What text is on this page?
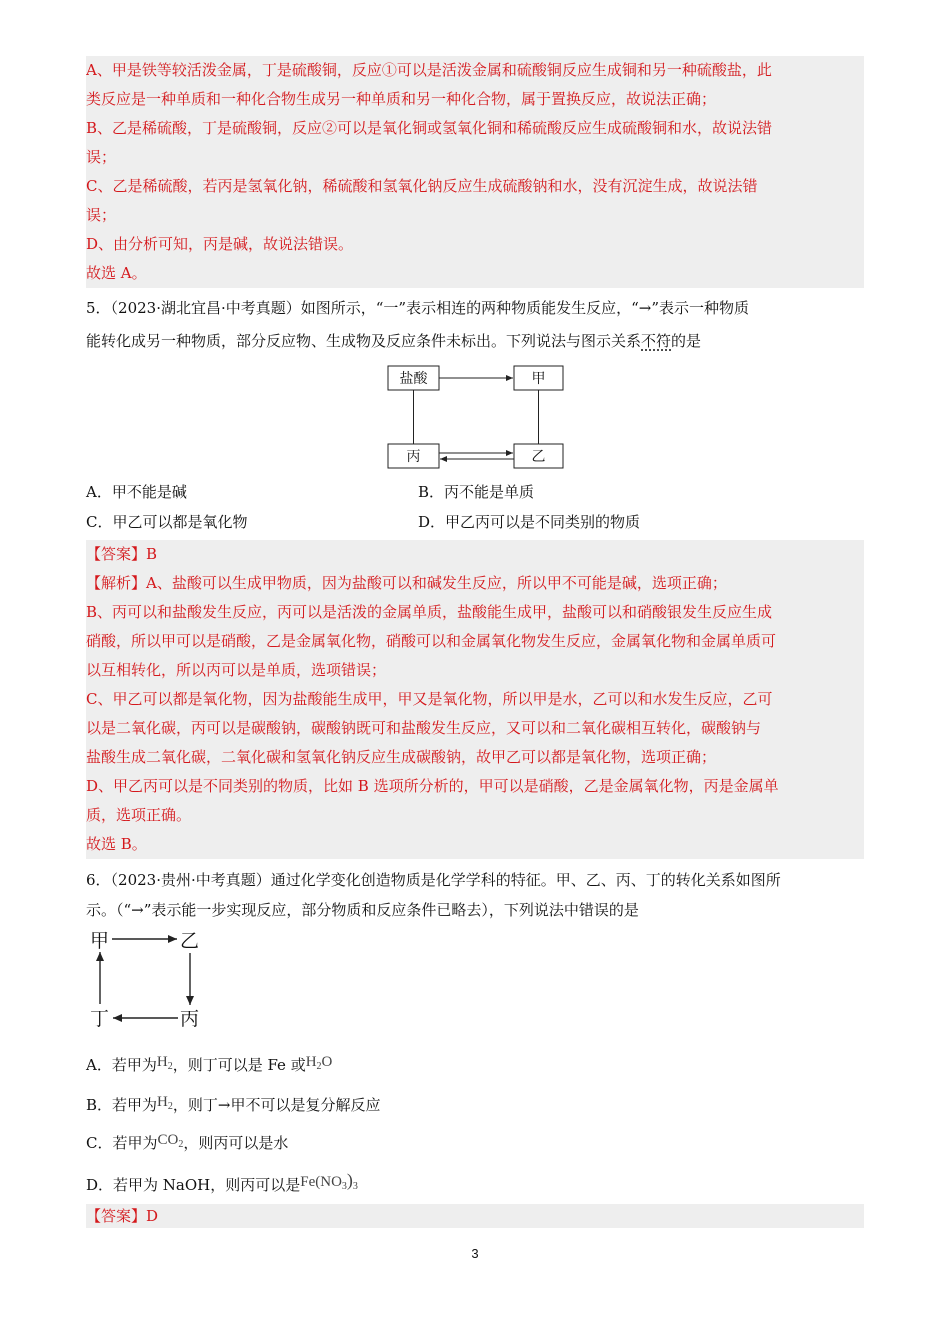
A、甲是铁等较活泼金属，丁是硫酸铜，反应①可以是活泼金属和硫酸铜反应生成铜和另一种硫酸盐，此
类反应是一种单质和一种化合物生成另一种单质和另一种化合物，属于置换反应，故说法正确；
B、乙是稀硫酸，丁是硫酸铜，反应②可以是氧化铜或氢氧化铜和稀硫酸反应生成硫酸铜和水，故说法错
误；
C、乙是稀硫酸，若丙是氢氧化钠，稀硫酸和氢氧化钠反应生成硫酸钠和水，没有沉淀生成，故说法错
误；
D、由分析可知，丙是碱，故说法错误。
故选 A。
5．（2023·湖北宜昌·中考真题）如图所示，“一”表示相连的两种物质能发生反应，“→”表示一种物质
能转化成另一种物质，部分反应物、生成物及反应条件未标出。下列说法与图示关系不符的是
盐酸	甲
丙	乙
A．甲不能是碱	B．丙不能是单质
C．甲乙可以都是氧化物	D．甲乙丙可以是不同类别的物质
【答案】B
【解析】A、盐酸可以生成甲物质，因为盐酸可以和碱发生反应，所以甲不可能是碱，选项正确；
B、丙可以和盐酸发生反应，丙可以是活泼的金属单质，盐酸能生成甲，盐酸可以和硝酸银发生反应生成
硝酸，所以甲可以是硝酸，乙是金属氧化物，硝酸可以和金属氧化物发生反应，金属氧化物和金属单质可
以互相转化，所以丙可以是单质，选项错误；
C、甲乙可以都是氧化物，因为盐酸能生成甲，甲又是氧化物，所以甲是水，乙可以和水发生反应，乙可
以是二氧化碳，丙可以是碳酸钠，碳酸钠既可和盐酸发生反应，又可以和二氧化碳相互转化，碳酸钠与
盐酸生成二氧化碳，二氧化碳和氢氧化钠反应生成碳酸钠，故甲乙可以都是氧化物，选项正确；
D、甲乙丙可以是不同类别的物质，比如 B 选项所分析的，甲可以是硝酸，乙是金属氧化物，丙是金属单
质，选项正确。
故选 B。
6．（2023·贵州·中考真题）通过化学变化创造物质是化学学科的特征。甲、乙、丙、丁的转化关系如图所
示。（“→”表示能一步实现反应，部分物质和反应条件已略去），下列说法中错误的是
甲	乙
丙
丁
A．若甲为$H_2$，则丁可以是 Fe 或$H_2O$
B．若甲为$H_2$，则丁→甲不可以是复分解反应
C．若甲为$CO_2$，则丙可以是水
D．若甲为 NaOH，则丙可以是$Fe(NO_3)_3$
【答案】D
3
